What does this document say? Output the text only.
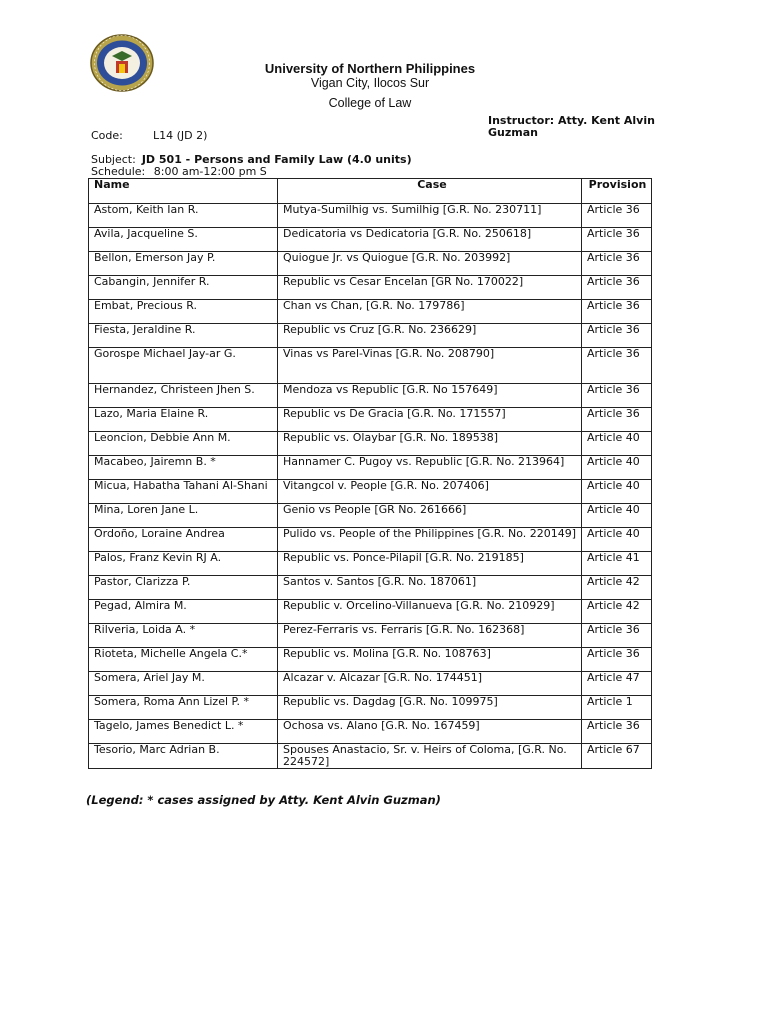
University of Northern Philippines
Vigan City, Ilocos Sur
College of Law
Instructor: Atty. Kent Alvin Guzman
Code:	L14 (JD 2)
Subject: JD 501 - Persons and Family Law (4.0 units)
Schedule: 8:00 am-12:00 pm S
Name	Case	Provision
Astom, Keith Ian R.	Mutya-Sumilhig vs. Sumilhig [G.R. No. 230711]	Article 36
Avila, Jacqueline S.	Dedicatoria vs Dedicatoria [G.R. No. 250618]	Article 36
Bellon, Emerson Jay P.	Quiogue Jr. vs Quiogue [G.R. No. 203992]	Article 36
Cabangin, Jennifer R.	Republic vs Cesar Encelan [GR No. 170022]	Article 36
Embat, Precious R.	Chan vs Chan, [G.R. No. 179786]	Article 36
Fiesta, Jeraldine R.	Republic vs Cruz [G.R. No. 236629]	Article 36
Gorospe Michael Jay-ar G.	Vinas vs Parel-Vinas [G.R. No. 208790]	Article 36
Hernandez, Christeen Jhen S.	Mendoza vs Republic [G.R. No 157649]	Article 36
Lazo, Maria Elaine R.	Republic vs De Gracia [G.R. No. 171557]	Article 36
Leoncion, Debbie Ann M.	Republic vs. Olaybar [G.R. No. 189538]	Article 40
Macabeo, Jairemn B. *	Hannamer C. Pugoy vs. Republic [G.R. No. 213964]	Article 40
Micua, Habatha Tahani Al-Shani	Vitangcol v. People [G.R. No. 207406]	Article 40
Mina, Loren Jane L.	Genio vs People [GR No. 261666]	Article 40
Ordoño, Loraine Andrea	Pulido vs. People of the Philippines [G.R. No. 220149]	Article 40
Palos, Franz Kevin RJ A.	Republic vs. Ponce-Pilapil [G.R. No. 219185]	Article 41
Pastor, Clarizza P.	Santos v. Santos [G.R. No. 187061]	Article 42
Pegad, Almira M.	Republic v. Orcelino-Villanueva [G.R. No. 210929]	Article 42
Rilveria, Loida A. *	Perez-Ferraris vs. Ferraris [G.R. No. 162368]	Article 36
Rioteta, Michelle Angela C.*	Republic vs. Molina [G.R. No. 108763]	Article 36
Somera, Ariel Jay M.	Alcazar v. Alcazar [G.R. No. 174451]	Article 47
Somera, Roma Ann Lizel P. *	Republic vs. Dagdag [G.R. No. 109975]	Article 1
Tagelo, James Benedict L. *	Ochosa vs. Alano [G.R. No. 167459]	Article 36
Tesorio, Marc Adrian B.	Spouses Anastacio, Sr. v. Heirs of Coloma, [G.R. No. 224572]	Article 67
(Legend: * cases assigned by Atty. Kent Alvin Guzman)
